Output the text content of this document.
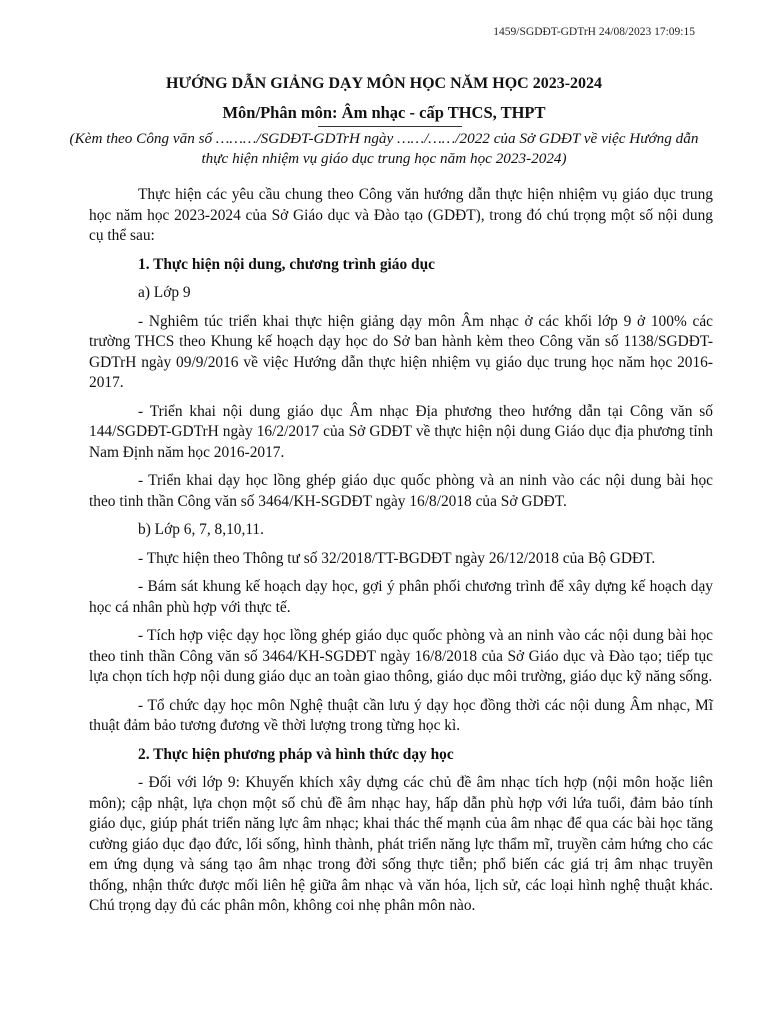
1459/SGDĐT-GDTrH 24/08/2023 17:09:15
HƯỚNG DẪN GIẢNG DẠY MÔN HỌC NĂM HỌC 2023-2024
Môn/Phân môn: Âm nhạc - cấp THCS, THPT

(Kèm theo Công văn số ………/SGDĐT-GDTrH ngày ……/……/2022 của Sở GDĐT về việc Hướng dẫn thực hiện nhiệm vụ giáo dục trung học năm học 2023-2024)

Thực hiện các yêu cầu chung theo Công văn hướng dẫn thực hiện nhiệm vụ giáo dục trung học năm học 2023-2024 của Sở Giáo dục và Đào tạo (GDĐT), trong đó chú trọng một số nội dung cụ thể sau:

1. Thực hiện nội dung, chương trình giáo dục

a) Lớp 9

- Nghiêm túc triển khai thực hiện giảng dạy môn Âm nhạc ở các khối lớp 9 ở 100% các trường THCS theo Khung kế hoạch dạy học do Sở ban hành kèm theo Công văn số 1138/SGDĐT-GDTrH ngày 09/9/2016 về việc Hướng dẫn thực hiện nhiệm vụ giáo dục trung học năm học 2016-2017.

- Triển khai nội dung giáo dục Âm nhạc Địa phương theo hướng dẫn tại Công văn số 144/SGDĐT-GDTrH ngày 16/2/2017 của Sở GDĐT về thực hiện nội dung Giáo dục địa phương tỉnh Nam Định năm học 2016-2017.

- Triển khai dạy học lồng ghép giáo dục quốc phòng và an ninh vào các nội dung bài học theo tinh thần Công văn số 3464/KH-SGDĐT ngày 16/8/2018 của Sở GDĐT.

b) Lớp 6, 7, 8,10,11.

- Thực hiện theo Thông tư số 32/2018/TT-BGDĐT ngày 26/12/2018 của Bộ GDĐT.

- Bám sát khung kế hoạch dạy học, gợi ý phân phối chương trình để xây dựng kế hoạch dạy học cá nhân phù hợp với thực tế.

- Tích hợp việc dạy học lồng ghép giáo dục quốc phòng và an ninh vào các nội dung bài học theo tinh thần Công văn số 3464/KH-SGDĐT ngày 16/8/2018 của Sở Giáo dục và Đào tạo; tiếp tục lựa chọn tích hợp nội dung giáo dục an toàn giao thông, giáo dục môi trường, giáo dục kỹ năng sống.

- Tổ chức dạy học môn Nghệ thuật cần lưu ý dạy học đồng thời các nội dung Âm nhạc, Mĩ thuật đảm bảo tương đương về thời lượng trong từng học kì.

2. Thực hiện phương pháp và hình thức dạy học

- Đối với lớp 9: Khuyến khích xây dựng các chủ đề âm nhạc tích hợp (nội môn hoặc liên môn); cập nhật, lựa chọn một số chủ đề âm nhạc hay, hấp dẫn phù hợp với lứa tuổi, đảm bảo tính giáo dục, giúp phát triển năng lực âm nhạc; khai thác thế mạnh của âm nhạc để qua các bài học tăng cường giáo dục đạo đức, lối sống, hình thành, phát triển năng lực thẩm mĩ, truyền cảm hứng cho các em ứng dụng và sáng tạo âm nhạc trong đời sống thực tiễn; phổ biến các giá trị âm nhạc truyền thống, nhận thức được mối liên hệ giữa âm nhạc và văn hóa, lịch sử, các loại hình nghệ thuật khác. Chú trọng dạy đủ các phân môn, không coi nhẹ phân môn nào.
